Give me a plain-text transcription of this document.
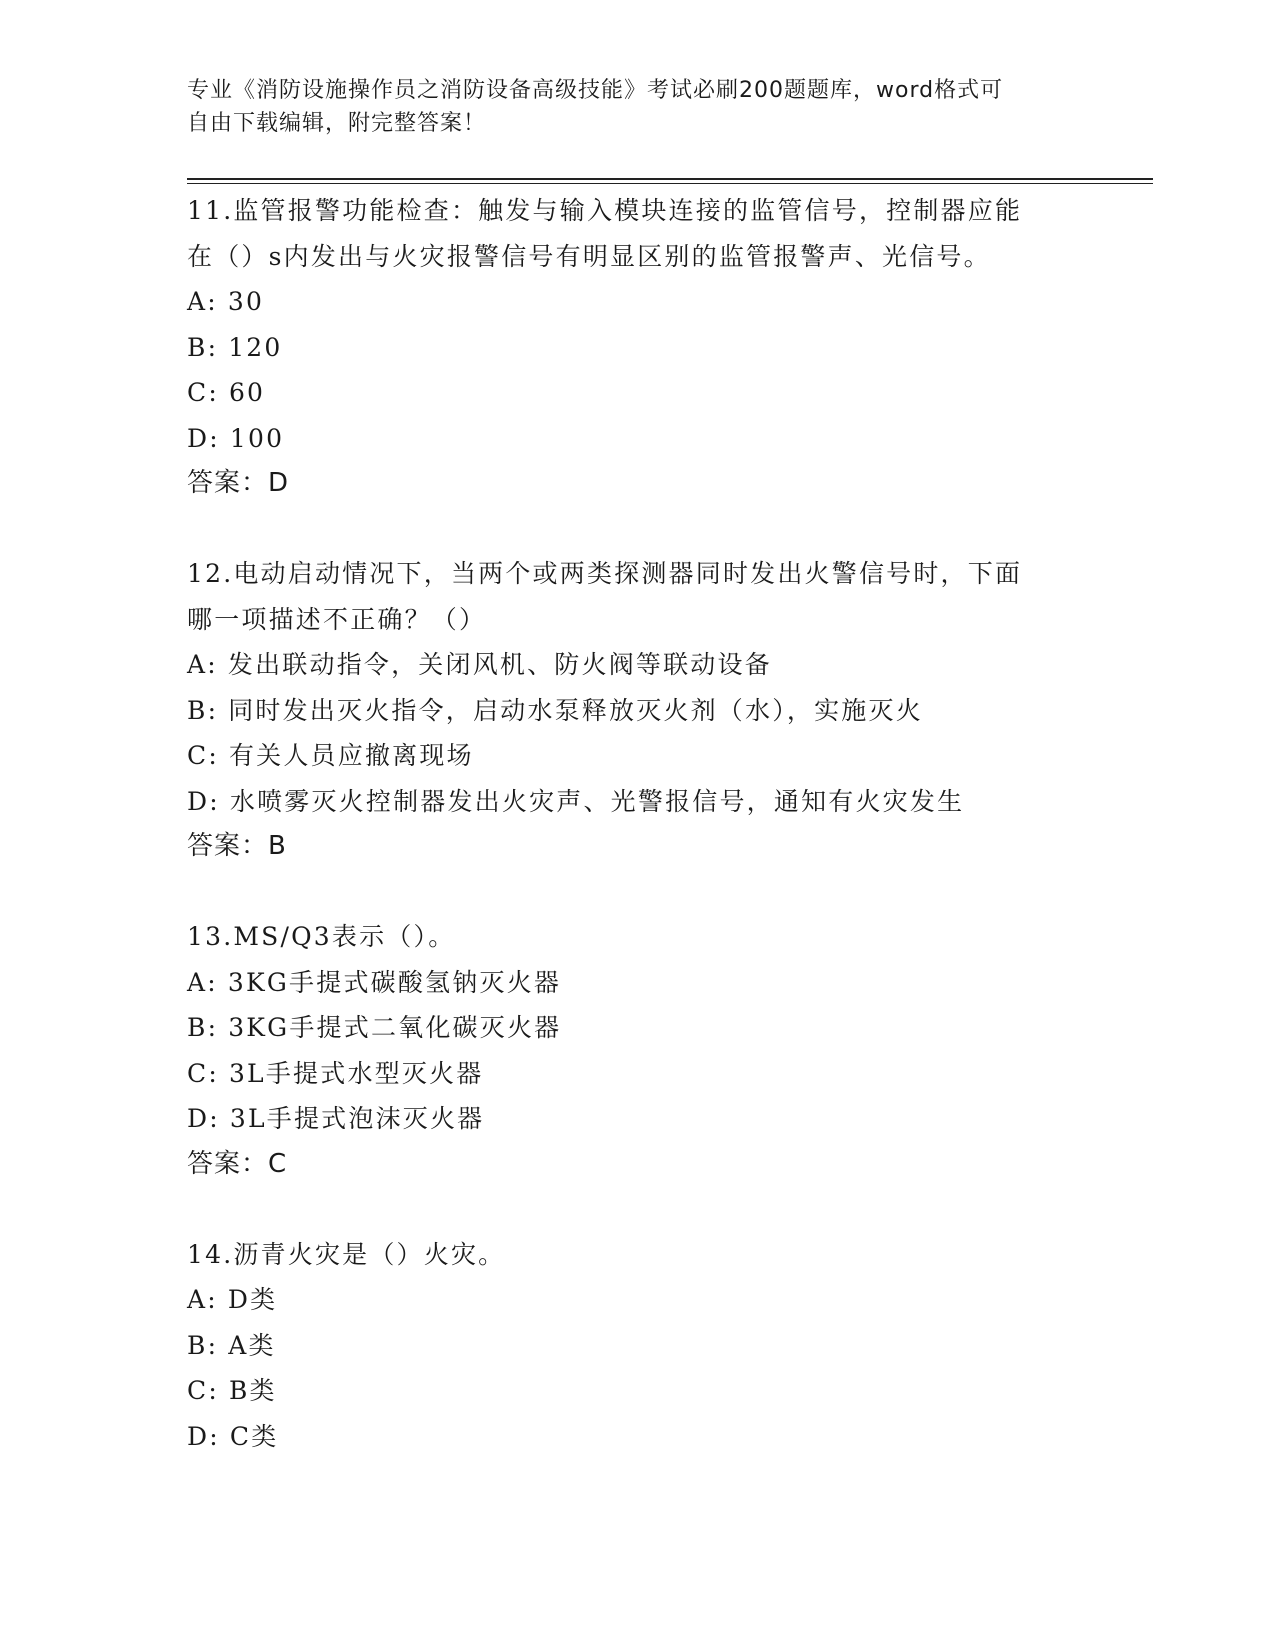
专业《消防设施操作员之消防设备高级技能》考试必刷200题题库，word格式可
自由下载编辑，附完整答案！

11.监管报警功能检查：触发与输入模块连接的监管信号，控制器应能

在（）s内发出与火灾报警信号有明显区别的监管报警声、光信号。

A: 30

B: 120

C: 60

D: 100

答案：D

12.电动启动情况下，当两个或两类探测器同时发出火警信号时，下面

哪一项描述不正确？（）

A: 发出联动指令，关闭风机、防火阀等联动设备

B: 同时发出灭火指令，启动水泵释放灭火剂（水），实施灭火

C: 有关人员应撤离现场

D: 水喷雾灭火控制器发出火灾声、光警报信号，通知有火灾发生

答案：B

13.MS/Q3表示（）。

A: 3KG手提式碳酸氢钠灭火器

B: 3KG手提式二氧化碳灭火器

C: 3L手提式水型灭火器

D: 3L手提式泡沫灭火器

答案：C

14.沥青火灾是（）火灾。

A: D类

B: A类

C: B类

D: C类
